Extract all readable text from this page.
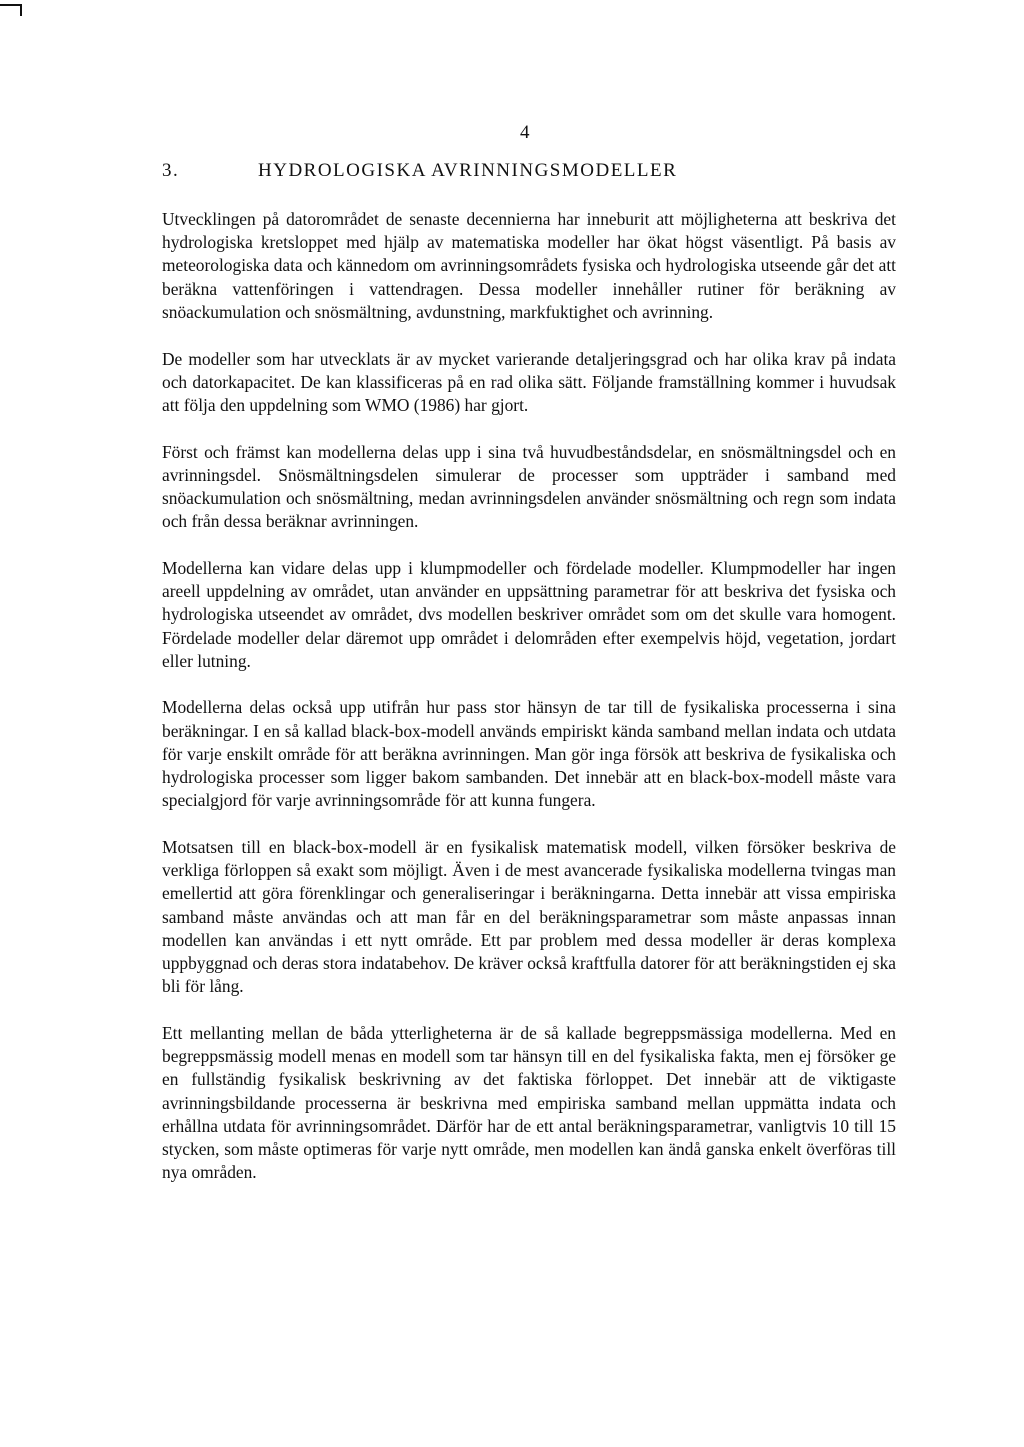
4
3.	HYDROLOGISKA AVRINNINGSMODELLER

Utvecklingen på datorområdet de senaste decennierna har inneburit att möjligheterna att beskriva det hydrologiska kretsloppet med hjälp av matematiska modeller har ökat högst väsentligt. På basis av meteorologiska data och kännedom om avrinningsområdets fysiska och hydrologiska utseende går det att beräkna vattenföringen i vattendragen. Dessa modeller innehåller rutiner för beräkning av snöackumulation och snösmältning, avdunstning, markfuktighet och avrinning.

De modeller som har utvecklats är av mycket varierande detaljeringsgrad och har olika krav på indata och datorkapacitet. De kan klassificeras på en rad olika sätt. Följande framställning kommer i huvudsak att följa den uppdelning som WMO (1986) har gjort.

Först och främst kan modellerna delas upp i sina två huvudbeståndsdelar, en snösmältningsdel och en avrinningsdel. Snösmältningsdelen simulerar de processer som uppträder i samband med snöackumulation och snösmältning, medan avrinningsdelen använder snösmältning och regn som indata och från dessa beräknar avrinningen.

Modellerna kan vidare delas upp i klumpmodeller och fördelade modeller. Klumpmodeller har ingen areell uppdelning av området, utan använder en uppsättning parametrar för att beskriva det fysiska och hydrologiska utseendet av området, dvs modellen beskriver området som om det skulle vara homogent. Fördelade modeller delar däremot upp området i delområden efter exempelvis höjd, vegetation, jordart eller lutning.

Modellerna delas också upp utifrån hur pass stor hänsyn de tar till de fysikaliska processerna i sina beräkningar. I en så kallad black-box-modell används empiriskt kända samband mellan indata och utdata för varje enskilt område för att beräkna avrinningen. Man gör inga försök att beskriva de fysikaliska och hydrologiska processer som ligger bakom sambanden. Det innebär att en black-box-modell måste vara specialgjord för varje avrinningsområde för att kunna fungera.

Motsatsen till en black-box-modell är en fysikalisk matematisk modell, vilken försöker beskriva de verkliga förloppen så exakt som möjligt. Även i de mest avancerade fysikaliska modellerna tvingas man emellertid att göra förenklingar och generaliseringar i beräkningarna. Detta innebär att vissa empiriska samband måste användas och att man får en del beräkningsparametrar som måste anpassas innan modellen kan användas i ett nytt område. Ett par problem med dessa modeller är deras komplexa uppbyggnad och deras stora indatabehov. De kräver också kraftfulla datorer för att beräkningstiden ej ska bli för lång.

Ett mellanting mellan de båda ytterligheterna är de så kallade begreppsmässiga modellerna. Med en begreppsmässig modell menas en modell som tar hänsyn till en del fysikaliska fakta, men ej försöker ge en fullständig fysikalisk beskrivning av det faktiska förloppet. Det innebär att de viktigaste avrinningsbildande processerna är beskrivna med empiriska samband mellan uppmätta indata och erhållna utdata för avrinningsområdet. Därför har de ett antal beräkningsparametrar, vanligtvis 10 till 15 stycken, som måste optimeras för varje nytt område, men modellen kan ändå ganska enkelt överföras till nya områden.
